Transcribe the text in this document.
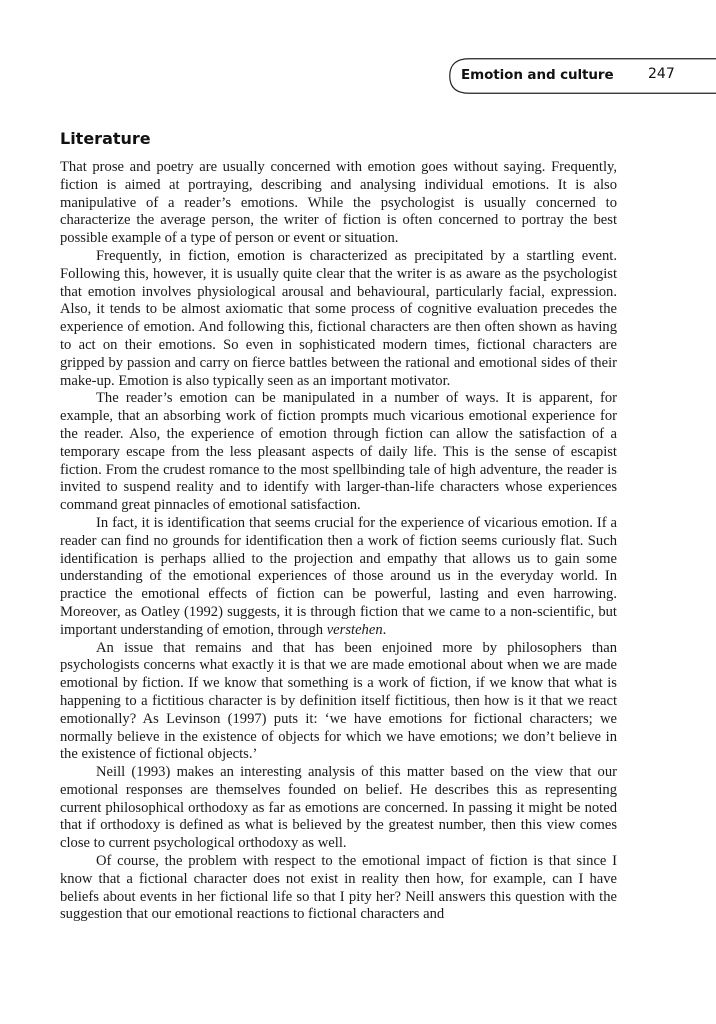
Emotion and culture 247
Literature

That prose and poetry are usually concerned with emotion goes without saying. Frequently, fiction is aimed at portraying, describing and analysing individual emotions. It is also manipulative of a reader’s emotions. While the psychologist is usually concerned to characterize the average person, the writer of fiction is often concerned to portray the best possible example of a type of person or event or situation.

Frequently, in fiction, emotion is characterized as precipitated by a startling event. Following this, however, it is usually quite clear that the writer is as aware as the psychologist that emotion involves physiological arousal and behavioural, particularly facial, expression. Also, it tends to be almost axiomatic that some process of cognitive evaluation precedes the experience of emotion. And following this, fictional characters are then often shown as having to act on their emotions. So even in sophisticated modern times, fictional characters are gripped by passion and carry on fierce battles between the rational and emotional sides of their make-up. Emotion is also typically seen as an important motivator.

The reader’s emotion can be manipulated in a number of ways. It is apparent, for example, that an absorbing work of fiction prompts much vicarious emotional experience for the reader. Also, the experience of emotion through fiction can allow the satisfaction of a temporary escape from the less pleasant aspects of daily life. This is the sense of escapist fiction. From the crudest romance to the most spellbinding tale of high adventure, the reader is invited to suspend reality and to identify with larger-than-life characters whose experiences command great pinnacles of emotional satisfaction.

In fact, it is identification that seems crucial for the experience of vicarious emotion. If a reader can find no grounds for identification then a work of fiction seems curiously flat. Such identification is perhaps allied to the projection and empathy that allows us to gain some understanding of the emotional experiences of those around us in the everyday world. In practice the emotional effects of fiction can be powerful, lasting and even harrowing. Moreover, as Oatley (1992) suggests, it is through fiction that we came to a non-scientific, but important understanding of emotion, through verstehen.

An issue that remains and that has been enjoined more by philosophers than psychologists concerns what exactly it is that we are made emotional about when we are made emotional by fiction. If we know that something is a work of fiction, if we know that what is happening to a fictitious character is by definition itself fictitious, then how is it that we react emotionally? As Levinson (1997) puts it: ‘we have emotions for fictional characters; we normally believe in the existence of objects for which we have emotions; we don’t believe in the existence of fictional objects.’

Neill (1993) makes an interesting analysis of this matter based on the view that our emotional responses are themselves founded on belief. He describes this as representing current philosophical orthodoxy as far as emotions are concerned. In passing it might be noted that if orthodoxy is defined as what is believed by the greatest number, then this view comes close to current psychological orthodoxy as well.

Of course, the problem with respect to the emotional impact of fiction is that since I know that a fictional character does not exist in reality then how, for example, can I have beliefs about events in her fictional life so that I pity her? Neill answers this question with the suggestion that our emotional reactions to fictional characters and
